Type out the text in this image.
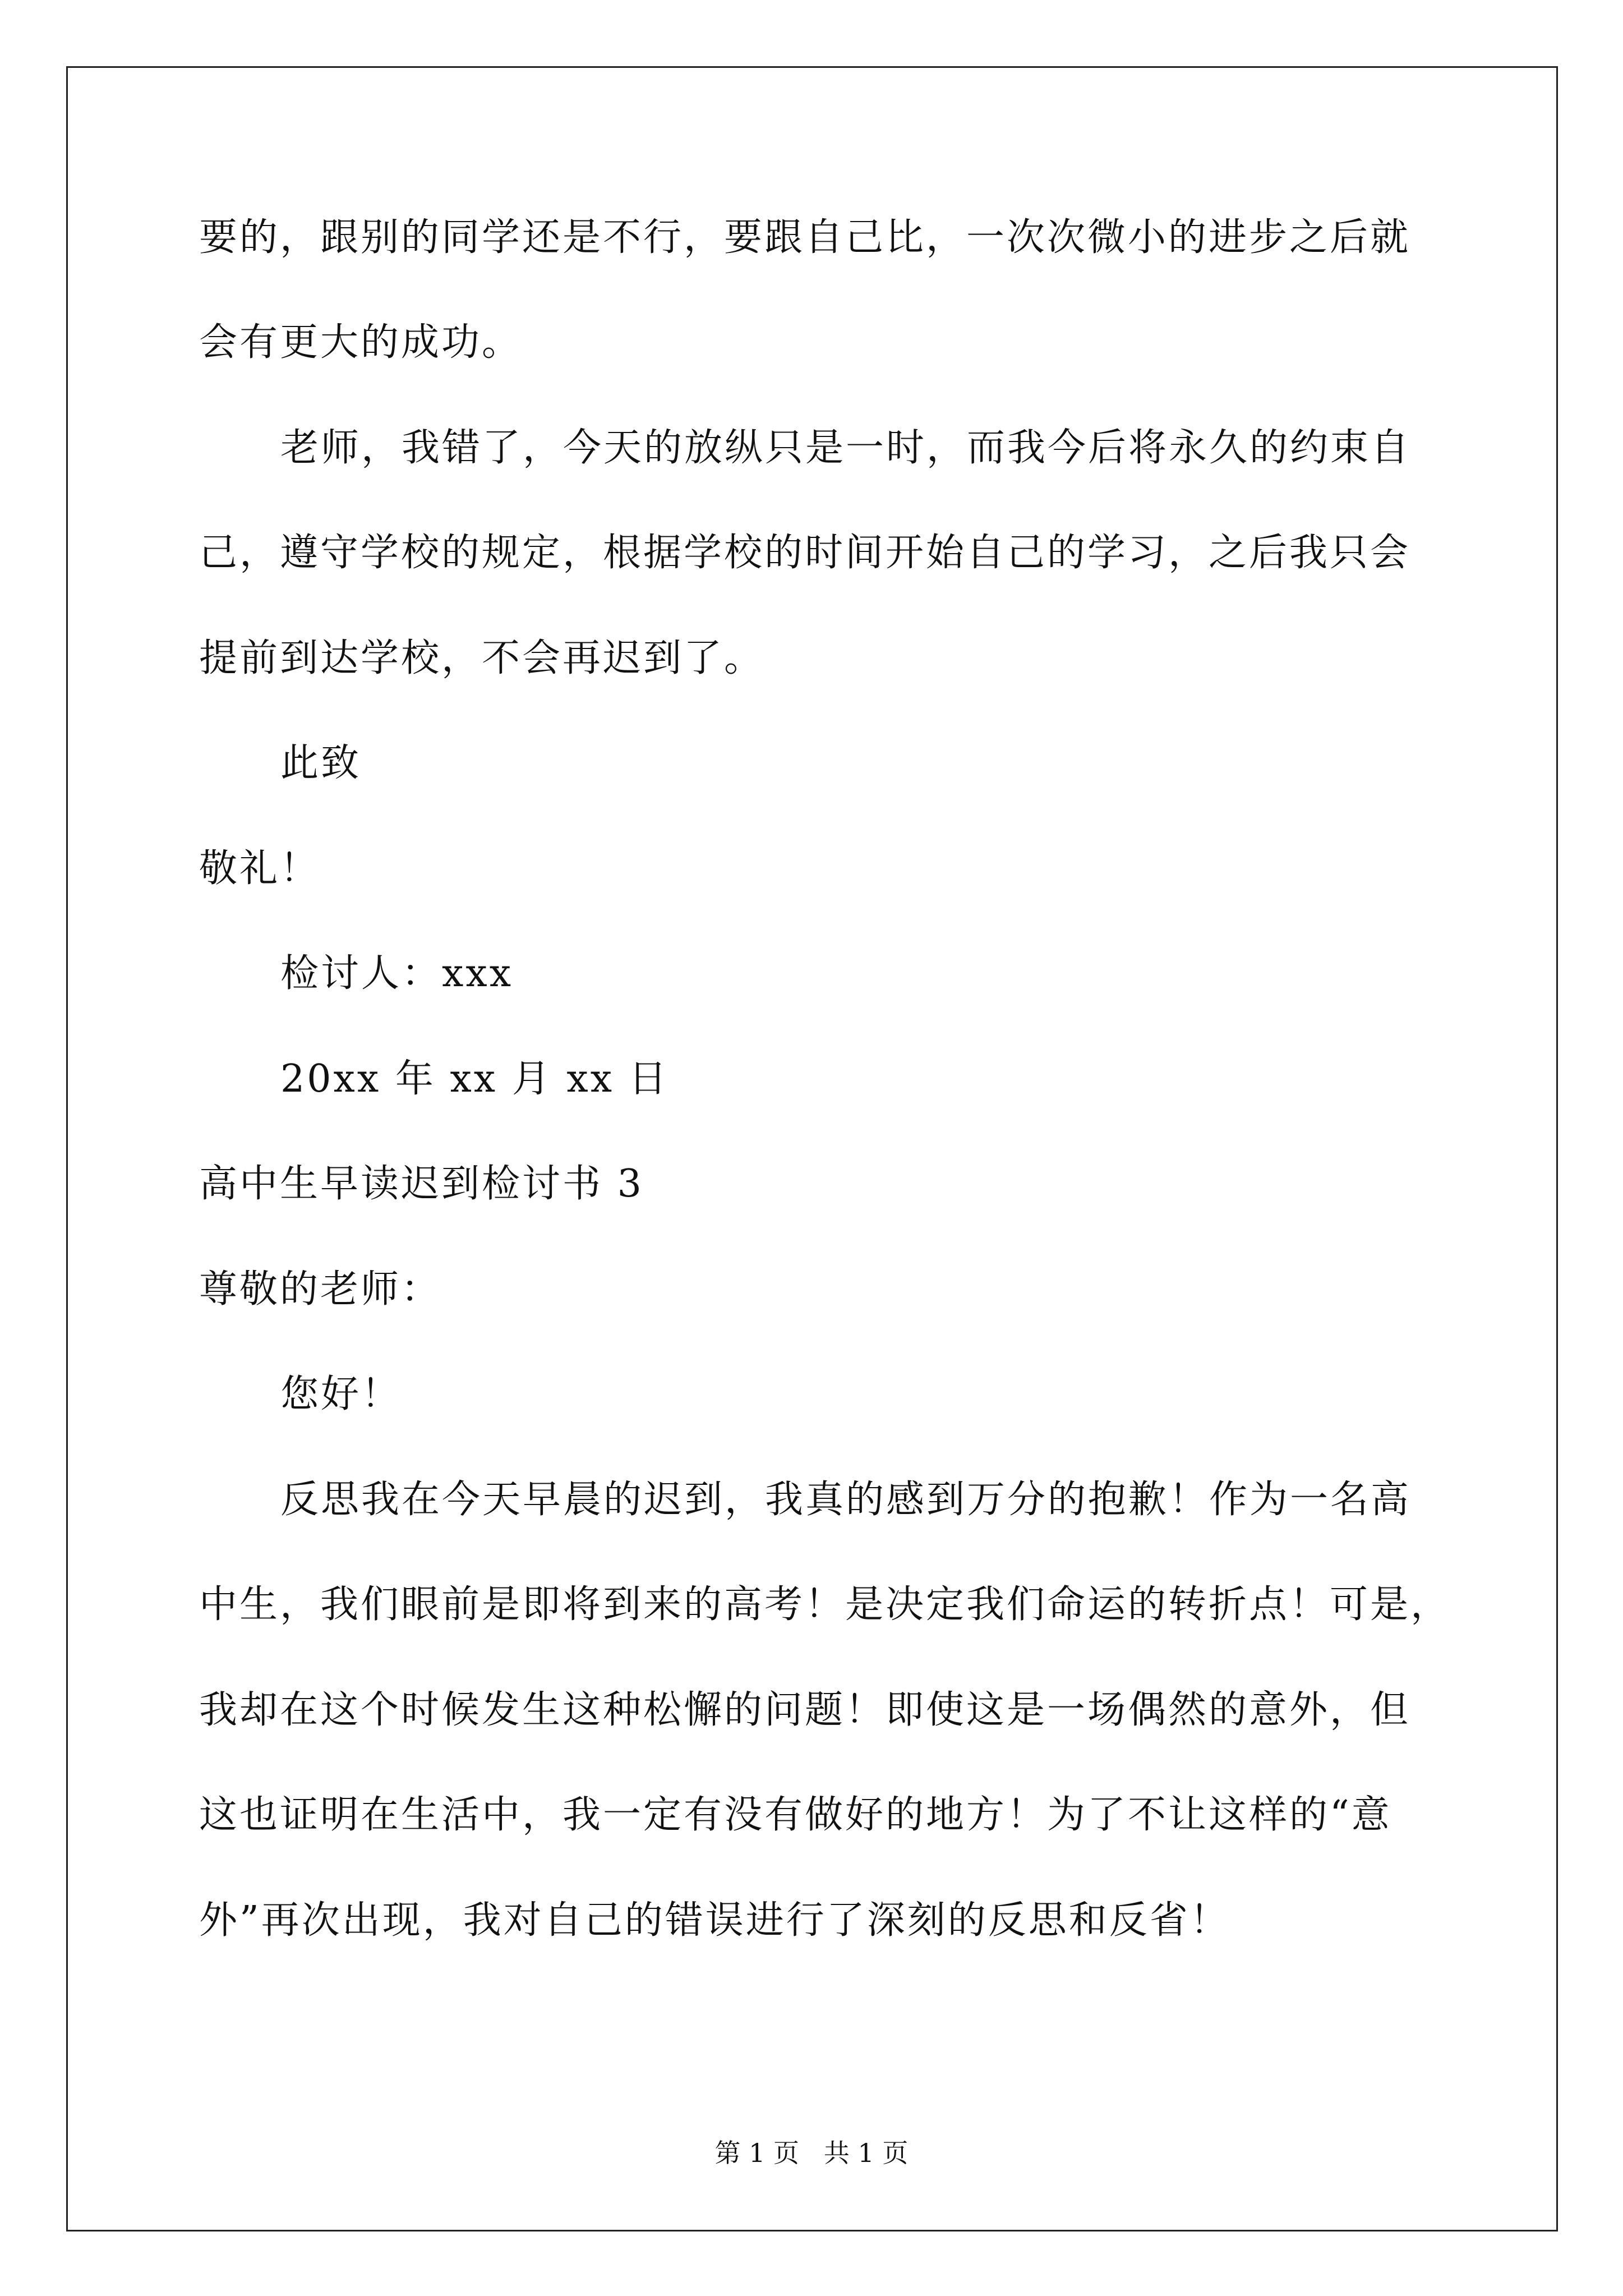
要的，跟别的同学还是不行，要跟自己比，一次次微小的进步之后就
会有更大的成功。
老师，我错了，今天的放纵只是一时，而我今后将永久的约束自
己，遵守学校的规定，根据学校的时间开始自己的学习，之后我只会
提前到达学校，不会再迟到了。
此致
敬礼！
检讨人：xxx
20xx 年 xx 月 xx 日
高中生早读迟到检讨书 3
尊敬的老师：
您好！
反思我在今天早晨的迟到，我真的感到万分的抱歉！作为一名高
中生，我们眼前是即将到来的高考！是决定我们命运的转折点！可是，
我却在这个时候发生这种松懈的问题！即使这是一场偶然的意外，但
这也证明在生活中，我一定有没有做好的地方！为了不让这样的“意
外”再次出现，我对自己的错误进行了深刻的反思和反省！
第 1 页   共 1 页
